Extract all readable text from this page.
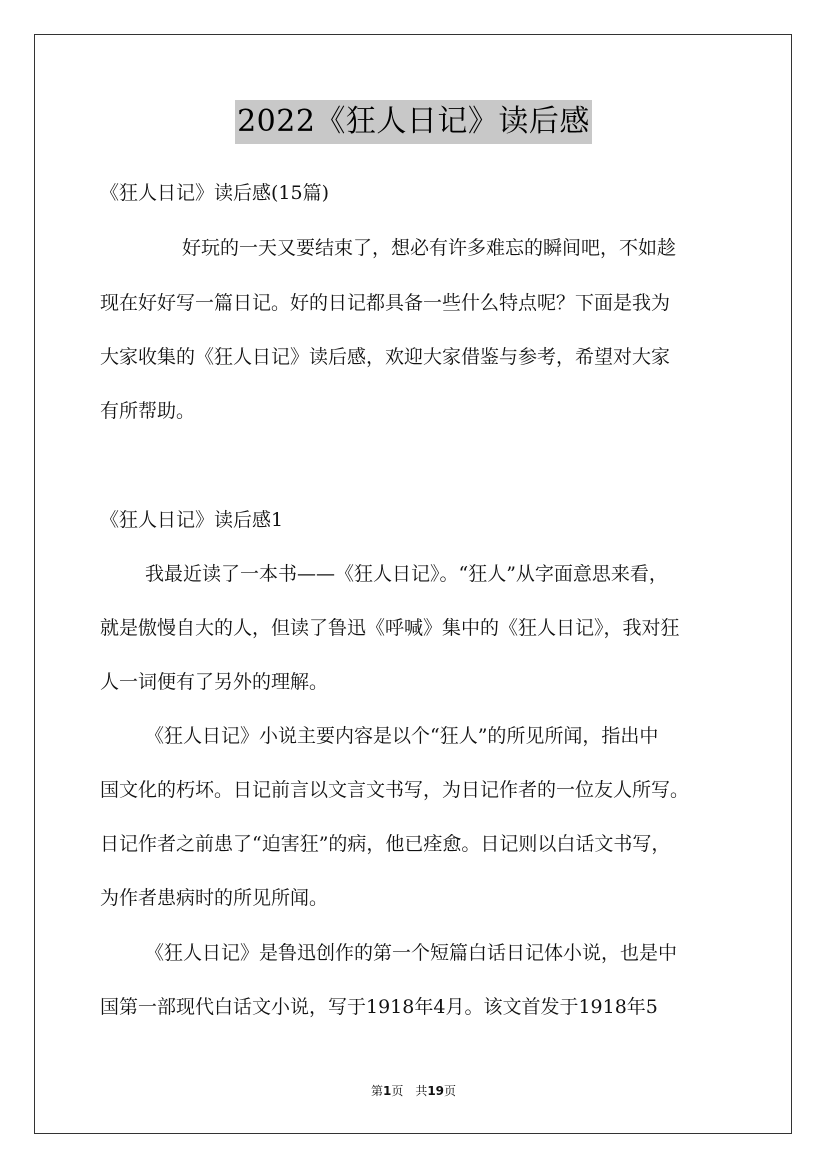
2022《狂人日记》读后感
《狂人日记》读后感(15篇)
好玩的一天又要结束了，想必有许多难忘的瞬间吧，不如趁
现在好好写一篇日记。好的日记都具备一些什么特点呢？下面是我为
大家收集的《狂人日记》读后感，欢迎大家借鉴与参考，希望对大家
有所帮助。
《狂人日记》读后感1
我最近读了一本书——《狂人日记》。“狂人”从字面意思来看，
就是傲慢自大的人，但读了鲁迅《呼喊》集中的《狂人日记》，我对狂
人一词便有了另外的理解。
《狂人日记》小说主要内容是以个“狂人”的所见所闻，指出中
国文化的朽坏。日记前言以文言文书写，为日记作者的一位友人所写。
日记作者之前患了“迫害狂”的病，他已痊愈。日记则以白话文书写，
为作者患病时的所见所闻。
《狂人日记》是鲁迅创作的第一个短篇白话日记体小说，也是中
国第一部现代白话文小说，写于1918年4月。该文首发于1918年5
第1页　共19页
